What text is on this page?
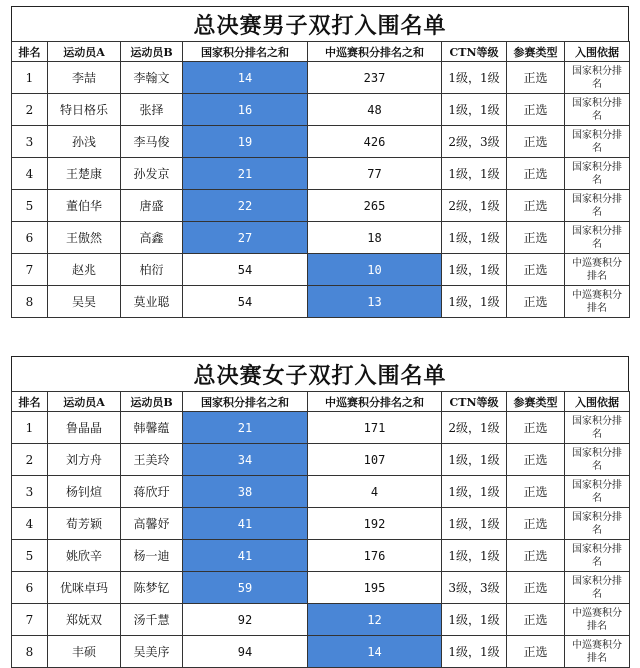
总决赛男子双打入围名单
排名	运动员A	运动员B	国家积分排名之和	中巡赛积分排名之和	CTN等级	参赛类型	入围依据
1	李喆	李翰文	14	237	1级，1级	正选	国家积分排名
2	特日格乐	张择	16	48	1级，1级	正选	国家积分排名
3	孙浅	李马俊	19	426	2级，3级	正选	国家积分排名
4	王楚康	孙发京	21	77	1级，1级	正选	国家积分排名
5	董伯华	唐盛	22	265	2级，1级	正选	国家积分排名
6	王傲然	高鑫	27	18	1级，1级	正选	国家积分排名
7	赵兆	柏衍	54	10	1级，1级	正选	中巡赛积分排名
8	吴昊	莫业聪	54	13	1级，1级	正选	中巡赛积分排名
总决赛女子双打入围名单
排名	运动员A	运动员B	国家积分排名之和	中巡赛积分排名之和	CTN等级	参赛类型	入围依据
1	鲁晶晶	韩馨蕴	21	171	2级，1级	正选	国家积分排名
2	刘方舟	王美玲	34	107	1级，1级	正选	国家积分排名
3	杨钊煊	蒋欣玗	38	4	1级，1级	正选	国家积分排名
4	荀芳颖	高馨妤	41	192	1级，1级	正选	国家积分排名
5	姚欣辛	杨一迪	41	176	1级，1级	正选	国家积分排名
6	优咪卓玛	陈梦钇	59	195	3级，3级	正选	国家积分排名
7	郑妩双	汤千慧	92	12	1级，1级	正选	中巡赛积分排名
8	丰硕	吴美序	94	14	1级，1级	正选	中巡赛积分排名
